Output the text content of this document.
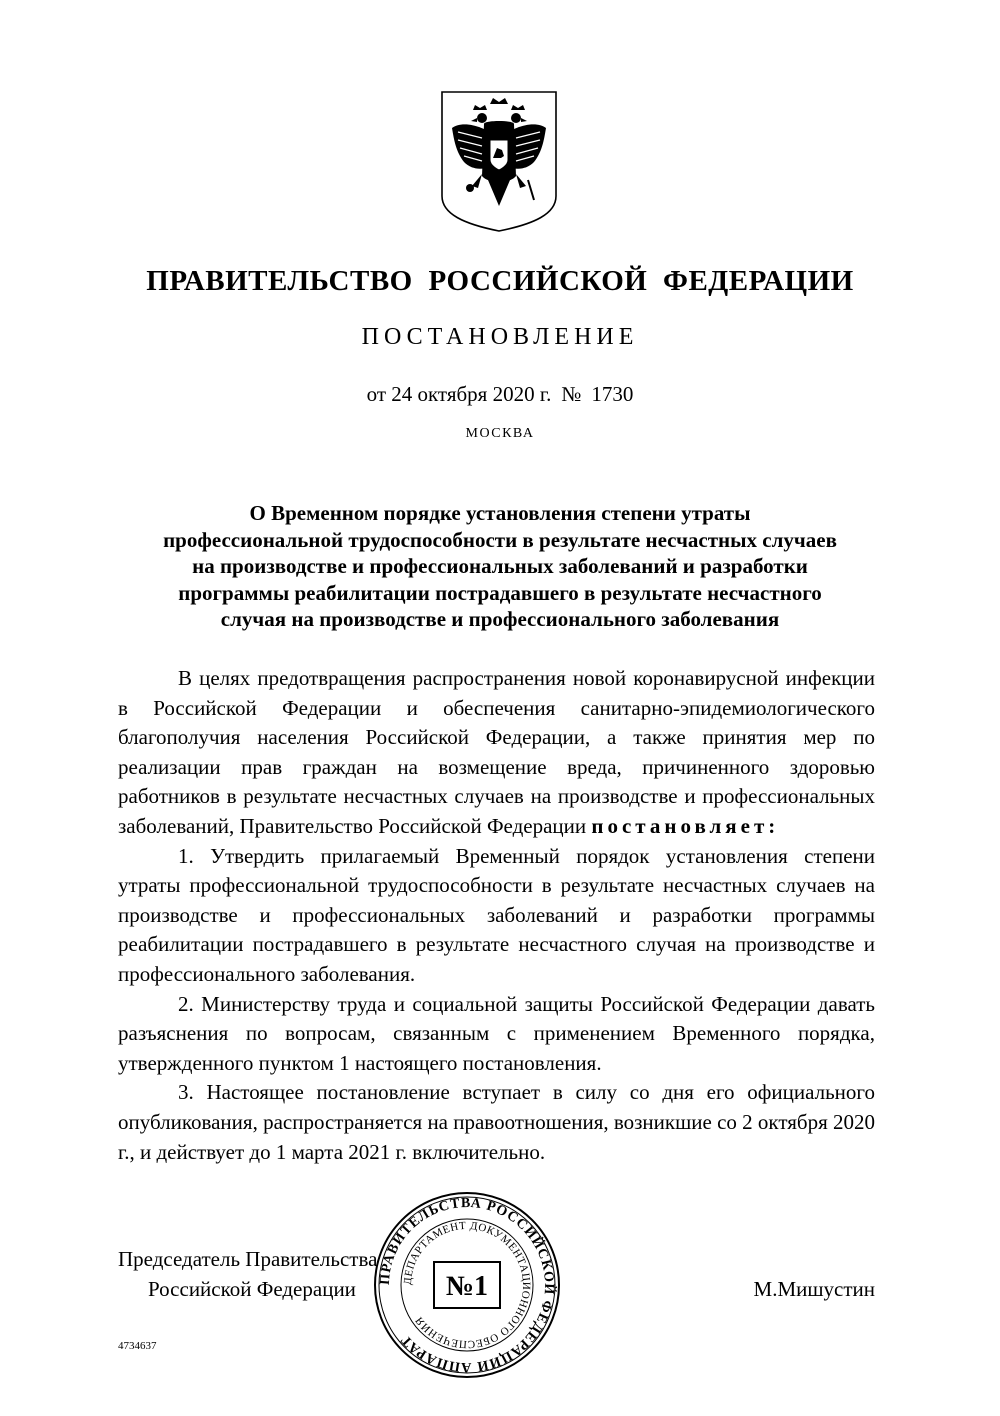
ПРАВИТЕЛЬСТВО РОССИЙСКОЙ ФЕДЕРАЦИИ
ПОСТАНОВЛЕНИЕ
от 24 октября 2020 г. № 1730
МОСКВА
О Временном порядке установления степени утраты
профессиональной трудоспособности в результате несчастных случаев
на производстве и профессиональных заболеваний и разработки
программы реабилитации пострадавшего в результате несчастного
случая на производстве и профессионального заболевания

В целях предотвращения распространения новой коронавирусной инфекции в Российской Федерации и обеспечения санитарно-эпидемиологического благополучия населения Российской Федерации, а также принятия мер по реализации прав граждан на возмещение вреда, причиненного здоровью работников в результате несчастных случаев на производстве и профессиональных заболеваний, Правительство Российской Федерации постановляет:

1. Утвердить прилагаемый Временный порядок установления степени утраты профессиональной трудоспособности в результате несчастных случаев на производстве и профессиональных заболеваний и разработки программы реабилитации пострадавшего в результате несчастного случая на производстве и профессионального заболевания.

2. Министерству труда и социальной защиты Российской Федерации давать разъяснения по вопросам, связанным с применением Временного порядка, утвержденного пунктом 1 настоящего постановления.

3. Настоящее постановление вступает в силу со дня его официального опубликования, распространяется на правоотношения, возникшие со 2 октября 2020 г., и действует до 1 марта 2021 г. включительно.

Председатель Правительства
Российской Федерации	М.Мишустин
ПРАВИТЕЛЬСТВА РОССИЙСКОЙ ФЕДЕРАЦИИ АППАРАТ
ДЕПАРТАМЕНТ ДОКУМЕНТАЦИОННОГО ОБЕСПЕЧЕНИЯ
№1
4734637
